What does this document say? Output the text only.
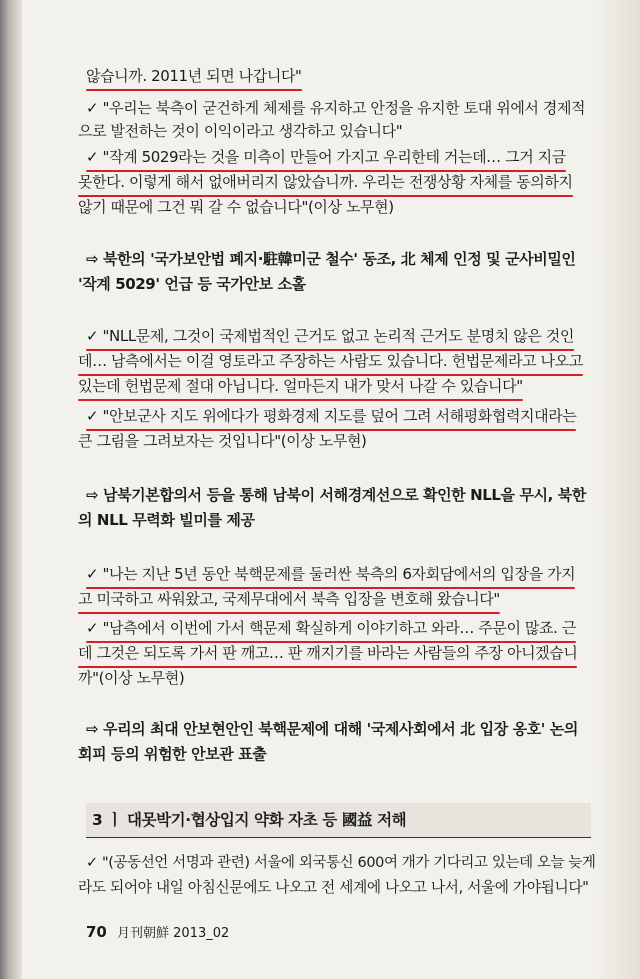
않습니까. 2011년 되면 나갑니다"
✓ "우리는 북측이 굳건하게 체제를 유지하고 안정을 유지한 토대 위에서 경제적
으로 발전하는 것이 이익이라고 생각하고 있습니다"
✓ "작계 5029라는 것을 미측이 만들어 가지고 우리한테 거는데… 그거 지금
못한다. 이렇게 해서 없애버리지 않았습니까. 우리는 전쟁상황 자체를 동의하지
않기 때문에 그건 뭐 갈 수 없습니다"(이상 노무현)
⇨ 북한의 '국가보안법 폐지·駐韓미군 철수' 동조, 北 체제 인정 및 군사비밀인
'작계 5029' 언급 등 국가안보 소홀
✓ "NLL문제, 그것이 국제법적인 근거도 없고 논리적 근거도 분명치 않은 것인
데… 남측에서는 이걸 영토라고 주장하는 사람도 있습니다. 헌법문제라고 나오고
있는데 헌법문제 절대 아닙니다. 얼마든지 내가 맞서 나갈 수 있습니다"
✓ "안보군사 지도 위에다가 평화경제 지도를 덮어 그려 서해평화협력지대라는
큰 그림을 그려보자는 것입니다"(이상 노무현)
⇨ 남북기본합의서 등을 통해 남북이 서해경계선으로 확인한 NLL을 무시, 북한
의 NLL 무력화 빌미를 제공
✓ "나는 지난 5년 동안 북핵문제를 둘러싼 북측의 6자회담에서의 입장을 가지
고 미국하고 싸워왔고, 국제무대에서 북측 입장을 변호해 왔습니다"
✓ "남측에서 이번에 가서 핵문제 확실하게 이야기하고 와라… 주문이 많죠. 근
데 그것은 되도록 가서 판 깨고… 판 깨지기를 바라는 사람들의 주장 아니겠습니
까"(이상 노무현)
⇨ 우리의 최대 안보현안인 북핵문제에 대해 '국제사회에서 北 입장 옹호' 논의
회피 등의 위험한 안보관 표출
3 ㅣ 대못박기·협상입지 약화 자초 등 國益 저해
✓ "(공동선언 서명과 관련) 서울에 외국통신 600여 개가 기다리고 있는데 오늘 늦게
라도 되어야 내일 아침신문에도 나오고 전 세계에 나오고 나서, 서울에 가야됩니다"
70 月刊朝鮮 2013_02
